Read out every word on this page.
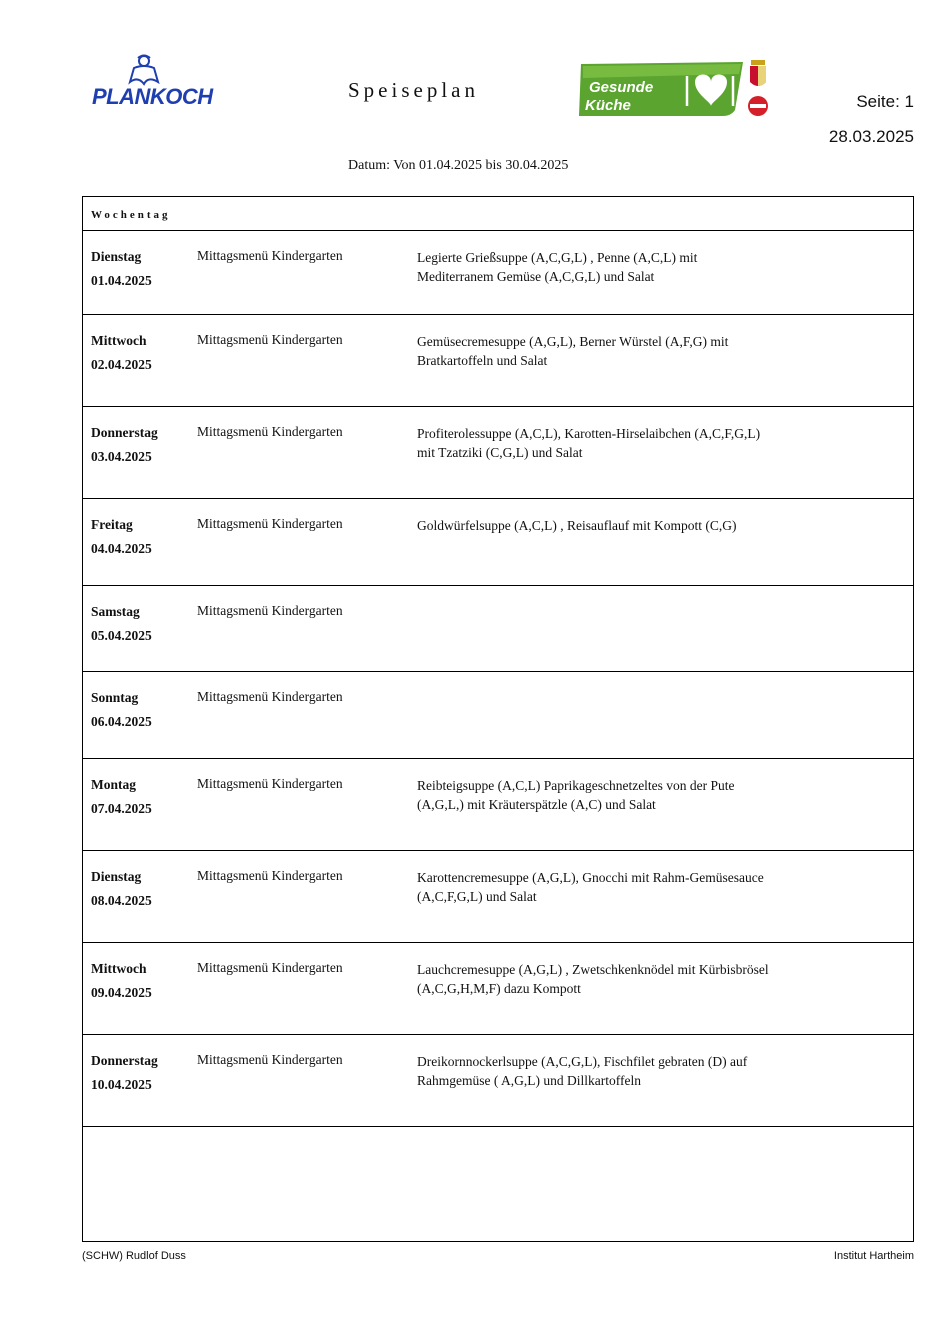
PLANKOCH	Speiseplan
Datum: Von 01.04.2025 bis 30.04.2025
Gesunde
Küche	Seite: 1
28.03.2025
Wochentag
Dienstag
01.04.2025
Mittagsmenü Kindergarten	Legierte Grießsuppe (A,C,G,L) , Penne (A,C,L) mit
Mediterranem Gemüse (A,C,G,L) und Salat
Mittwoch
02.04.2025
Mittagsmenü Kindergarten	Gemüsecremesuppe (A,G,L), Berner Würstel (A,F,G) mit
Bratkartoffeln und Salat
Donnerstag
03.04.2025
Mittagsmenü Kindergarten	Profiterolessuppe (A,C,L), Karotten-Hirselaibchen (A,C,F,G,L)
mit Tzatziki (C,G,L) und Salat
Freitag
04.04.2025
Mittagsmenü Kindergarten	Goldwürfelsuppe (A,C,L) , Reisauflauf mit Kompott (C,G)
Samstag
05.04.2025
Mittagsmenü Kindergarten
Sonntag
06.04.2025
Mittagsmenü Kindergarten
Montag
07.04.2025
Mittagsmenü Kindergarten	Reibteigsuppe (A,C,L) Paprikageschnetzeltes von der Pute
(A,G,L,) mit Kräuterspätzle (A,C) und Salat
Dienstag
08.04.2025
Mittagsmenü Kindergarten	Karottencremesuppe (A,G,L), Gnocchi mit Rahm-Gemüsesauce
(A,C,F,G,L) und Salat
Mittwoch
09.04.2025
Mittagsmenü Kindergarten	Lauchcremesuppe (A,G,L) , Zwetschkenknödel mit Kürbisbrösel
(A,C,G,H,M,F) dazu Kompott
Donnerstag
10.04.2025
Mittagsmenü Kindergarten	Dreikornnockerlsuppe (A,C,G,L), Fischfilet gebraten (D) auf
Rahmgemüse ( A,G,L) und Dillkartoffeln
(SCHW) Rudlof Duss	Institut Hartheim
